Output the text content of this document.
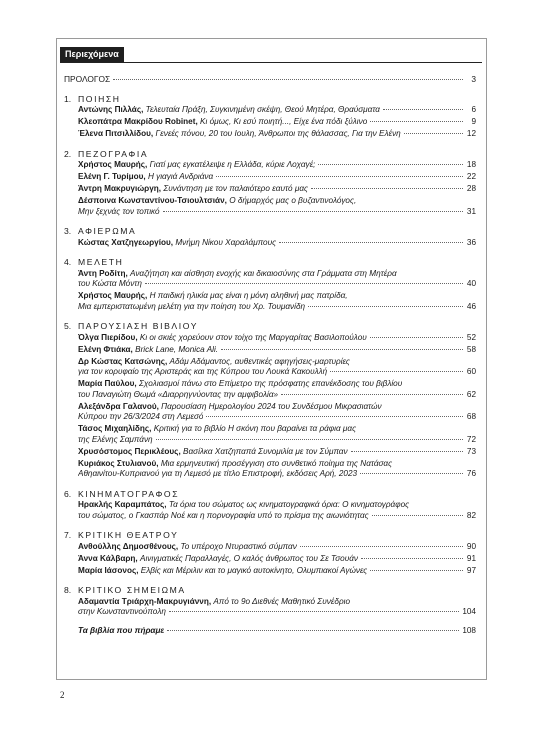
Περιεχόμενα
ΠΡΟΛΟΓΟΣ	3
1. ΠΟΙΗΣΗ
Αντώνης Πιλλάς, Τελευταία Πράξη, Συγκινημένη σκέψη, Θεού Μητέρα, Θραύσματα	6
Κλεοπάτρα Μακρίδου Robinet, Κι όμως, Κι εσύ ποιητή..., Είχε ένα πόδι ξύλινο	9
Έλενα Πιτσιλλίδου, Γενεές πόνου, 20 του Ιουλη, Άνθρωποι της θάλασσας, Για την Ελένη	12
2. ΠΕΖΟΓΡΑΦΙΑ
Χρήστος Μαυρής, Γιατί μας εγκατέλειψε η Ελλάδα, κύριε Λοχαγέ;	18
Ελένη Γ. Τυρίμου, Η γιαγιά Ανδριάνα	22
Άντρη Μακρυγιώργη, Συνάντηση με τον παλαιότερο εαυτό μας	28
Δέσποινα Κωνσταντίνου-Τσιουλτσιάν, Ο δήμαρχός μας ο βυζαντινολόγος,
Μην ξεχνάς τον τοπικό	31
3. ΑΦΙΕΡΩΜΑ
Κώστας Χατζηγεωργίου, Μνήμη Νίκου Χαραλάμπους	36
4. ΜΕΛΕΤΗ
Άντη Ροδίτη, Αναζήτηση και αίσθηση ενοχής και δικαιοσύνης στα Γράμματα στη Μητέρα
του Κώστα Μόντη	40
Χρήστος Μαυρής, Η παιδική ηλικία μας είναι η μόνη αληθινή μας πατρίδα,
Μια εμπεριστατωμένη μελέτη για την ποίηση του Χρ. Τουμανίδη	46
5. ΠΑΡΟΥΣΙΑΣΗ ΒΙΒΛΙΟΥ
Όλγα Πιερίδου, Κι οι σκιές χορεύουν στον τοίχο της Μαργαρίτας Βασιλοπούλου	52
Ελένη Φτιάκα, Brick Lane, Monica Ali.	58
Δρ Κώστας Κατσώνης, Αδάμ Αδάμαντος, αυθεντικές αφηγήσεις-μαρτυρίες
για τον κορυφαίο της Αριστεράς και της Κύπρου του Λουκά Κακουλλή	60
Μαρία Παύλου, Σχολιασμοί πάνω στο Επίμετρο της πρόσφατης επανέκδοσης του βιβλίου
του Παναγιώτη Θωμά «Διαρρηγνύοντας την αμφιβολία»	62
Αλεξάνδρα Γαλανού, Παρουσίαση Ημερολογίου 2024 του Συνδέσμου Μικρασιατών
Κύπρου την 26/3/2024 στη Λεμεσό	68
Τάσος Μιχαηλίδης, Κριτική για το βιβλίο Η σκόνη που βαραίνει τα ράφια μας
της Ελένης Σαμπάνη	72
Χρυσόστομος Περικλέους, Βασίλκα Χατζηπαπά Συνομιλία με τον Σύμπαν	73
Κυριάκος Στυλιανού, Μια ερμηνευτική προσέγγιση στο συνθετικό ποίημα της Νατάσας
Αθηαινίτου-Κυπριανού για τη Λεμεσό με τίτλο Επιστροφή, εκδόσεις Αρή, 2023	76
6. ΚΙΝΗΜΑΤΟΓΡΑΦΟΣ
Ηρακλής Καραμπάτος, Τα όρια του σώματος ως κινηματογραφικά όρια: Ο κινηματογράφος
του σώματος, ο Γκασπάρ Νοέ και η πορνογραφία υπό το πρίσμα της αιωνιότητας	82
7. ΚΡΙΤΙΚΗ ΘΕΑΤΡΟΥ
Ανθούλλης Δημοσθένους, Το υπέροχο Ντυραστικό σύμπαν	90
Άννα Κάλβαρη, Αινιγματικές Παραλλαγές, Ο καλός άνθρωπος του Σε Τσουάν	91
Μαρία Ιάσονος, Ελβίς και Μέριλιν και το μαγικό αυτοκίνητο, Ολυμπιακοί Αγώνες	97
8. ΚΡΙΤΙΚΟ ΣΗΜΕΙΩΜΑ
Αδαμαντία Τριάρχη-Μακρυγιάννη, Από το 9ο Διεθνές Μαθητικό Συνέδριο
στην Κωνσταντινούπολη	104
Τα βιβλία που πήραμε	108
2
